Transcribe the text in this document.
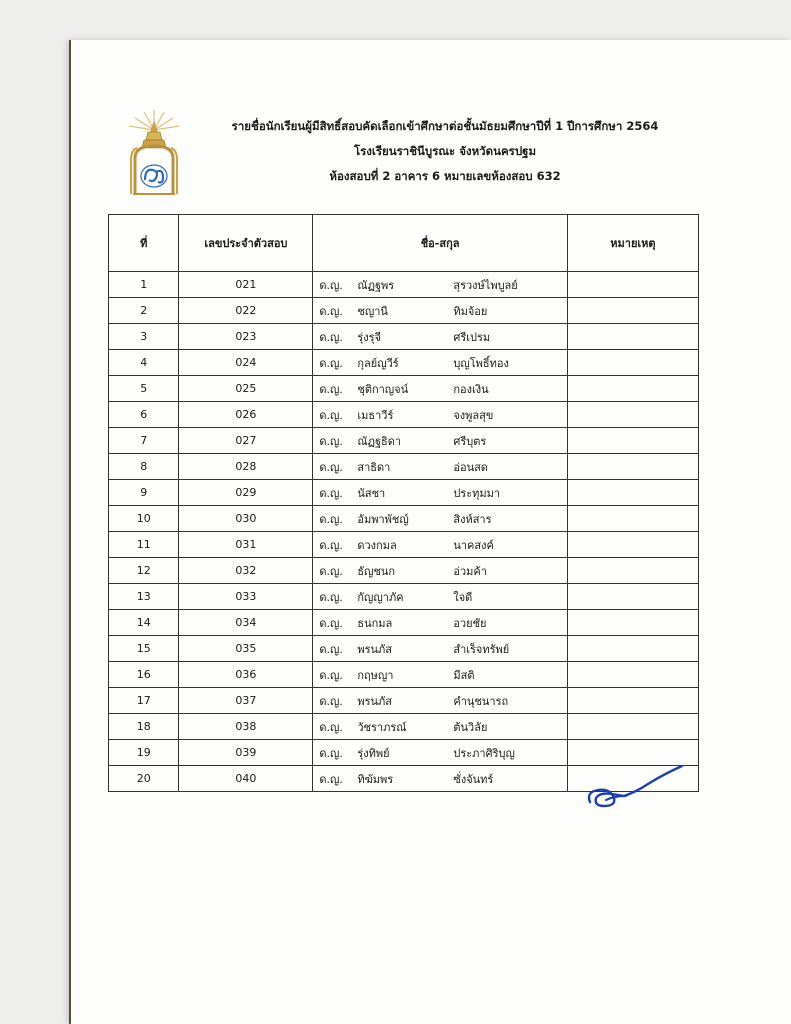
รายชื่อนักเรียนผู้มีสิทธิ์สอบคัดเลือกเข้าศึกษาต่อชั้นมัธยมศึกษาปีที่ 1 ปีการศึกษา 2564
โรงเรียนราชินีบูรณะ จังหวัดนครปฐม
ห้องสอบที่ 2 อาคาร 6 หมายเลขห้องสอบ 632
ที่	เลขประจำตัวสอบ	ชื่อ-สกุล	หมายเหตุ
1	021	ด.ญ. ณัฏฐพร สุรวงษ์ไพบูลย์	

2	022	ด.ญ. ชญานี ทิมจ้อย	

3	023	ด.ญ. รุ่งรุจี ศรีเปรม	

4	024	ด.ญ. กุลย์ญวีร์ บุญโพธิ์ทอง	

5	025	ด.ญ. ชุติกาญจน์ กองเงิน	

6	026	ด.ญ. เมธาวีร์ จงพูลสุข	

7	027	ด.ญ. ณัฏฐธิดา ศรีบุตร	

8	028	ด.ญ. สาธิดา อ่อนสด	

9	029	ด.ญ. นัสชา ประทุมมา	

10	030	ด.ญ. อัมพาพัชญ์ สิงห์สาร	

11	031	ด.ญ. ดวงกมล นาคสงค์	

12	032	ด.ญ. ธัญชนก อ่วมค้า	

13	033	ด.ญ. กัญญาภัค ใจดี	

14	034	ด.ญ. ธนกมล อวยชัย	

15	035	ด.ญ. พรนภัส สำเร็จทรัพย์	

16	036	ด.ญ. กฤษญา มีสติ	

17	037	ด.ญ. พรนภัส คำนุชนารถ	

18	038	ด.ญ. วัชราภรณ์ ต้นวิลัย	

19	039	ด.ญ. รุ่งทิพย์ ประภาศิริบุญ	

20	040	ด.ญ. ทิฆัมพร ซั่งจันทร์	
